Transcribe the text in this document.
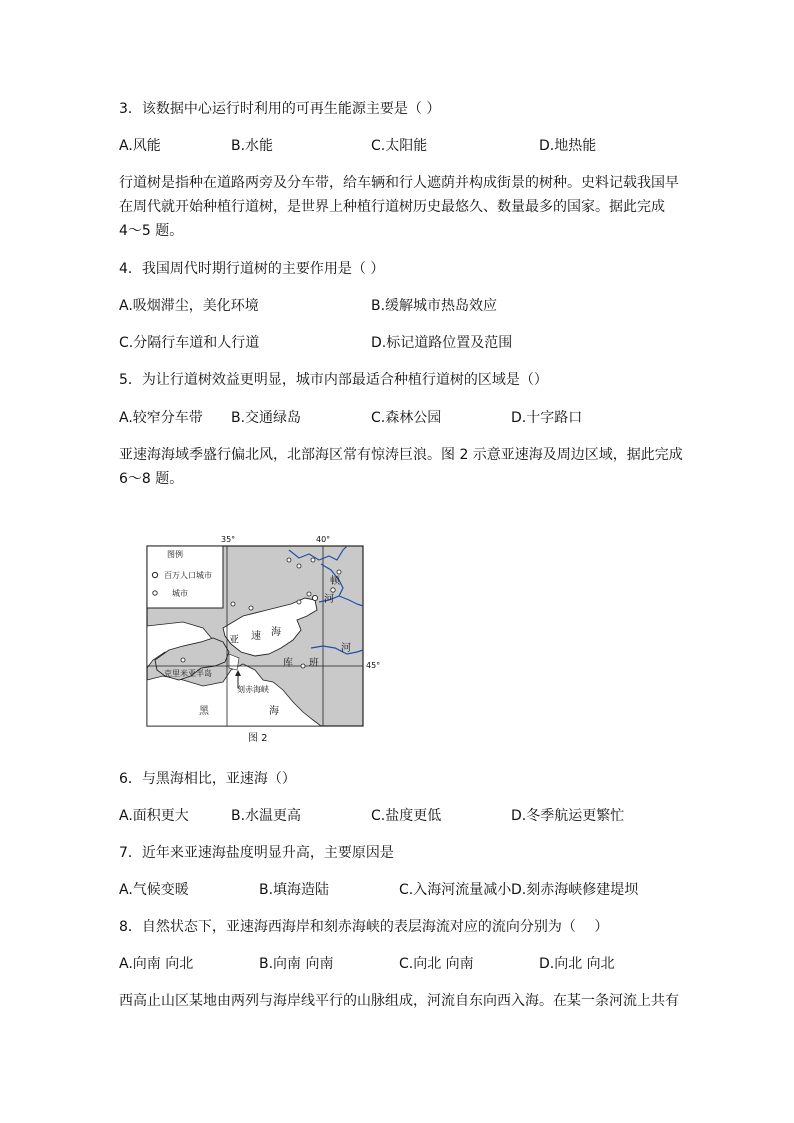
3．该数据中心运行时利用的可再生能源主要是（ ）
A.风能	B.水能	C.太阳能	D.地热能
行道树是指种在道路两旁及分车带，给车辆和行人遮荫并构成街景的树种。史料记载我国早
在周代就开始种植行道树，是世界上种植行道树历史最悠久、数量最多的国家。据此完成
4～5 题。
4．我国周代时期行道树的主要作用是（ ）
A.吸烟滞尘，美化环境	B.缓解城市热岛效应
C.分隔行车道和人行道	D.标记道路位置及范围
5．为让行道树效益更明显，城市内部最适合种植行道树的区域是（）
A.较窄分车带 B.交通绿岛	C.森林公园	D.十字路口
亚速海海域季盛行偏北风，北部海区常有惊涛巨浪。图 2 示意亚速海及周边区域，据此完成
6～8 题。
35°	40°
45°
图例
百万人口城市
城市
亚 速 海
顿
河
河
库 班
克里米亚半岛
刻赤海峡
黑	海
图 2
6．与黑海相比，亚速海（）
A.面积更大	B.水温更高	C.盐度更低	D.冬季航运更繁忙
7．近年来亚速海盐度明显升高，主要原因是
A.气候变暖	B.填海造陆	C.入海河流量减小 D.刻赤海峡修建堤坝
8．自然状态下，亚速海西海岸和刻赤海峡的表层海流对应的流向分别为（　 ）
A.向南 向北	B.向南 向南	C.向北 向南	D.向北 向北
西高止山区某地由两列与海岸线平行的山脉组成，河流自东向西入海。在某一条河流上共有
